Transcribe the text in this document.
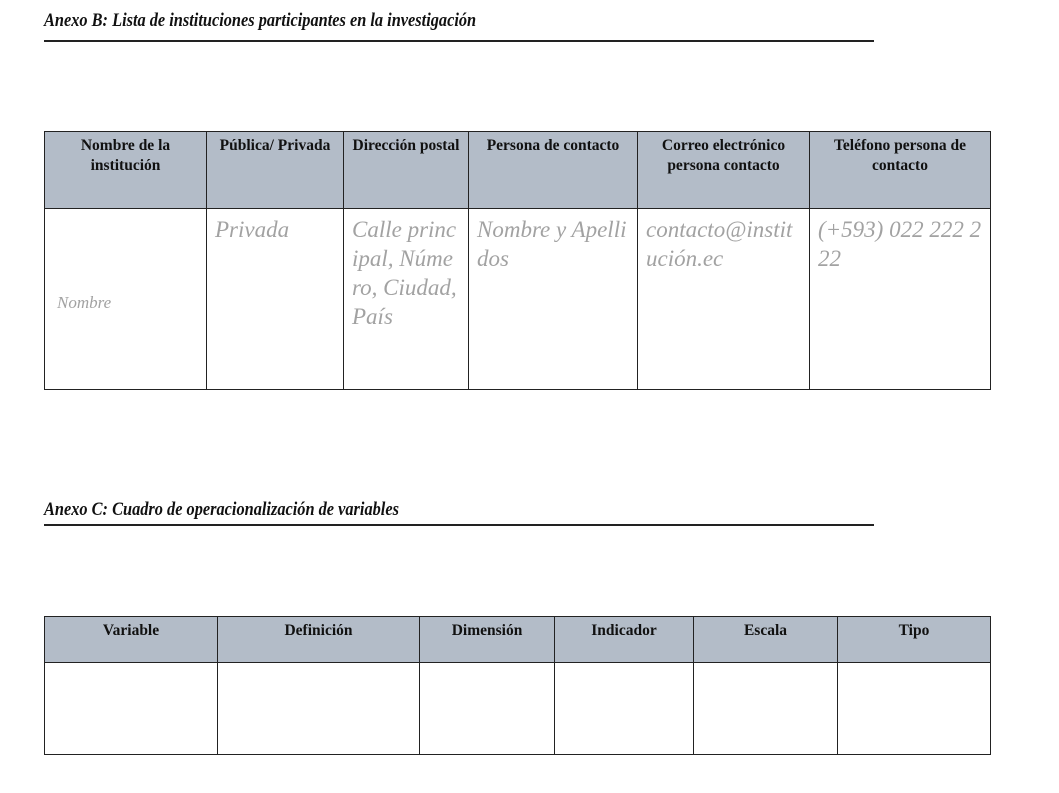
Anexo B: Lista de instituciones participantes en la investigación
Nombre de la institución	Pública/ Privada	Dirección postal	Persona de contacto	Correo electrónico persona contacto	Teléfono persona de contacto
Nombre	Privada	Calle principal, Número, Ciudad, País	Nombre y Apellidos	contacto@institución.ec	(+593) 022 222 222
Anexo C: Cuadro de operacionalización de variables
Variable	Definición	Dimensión	Indicador	Escala	Tipo
